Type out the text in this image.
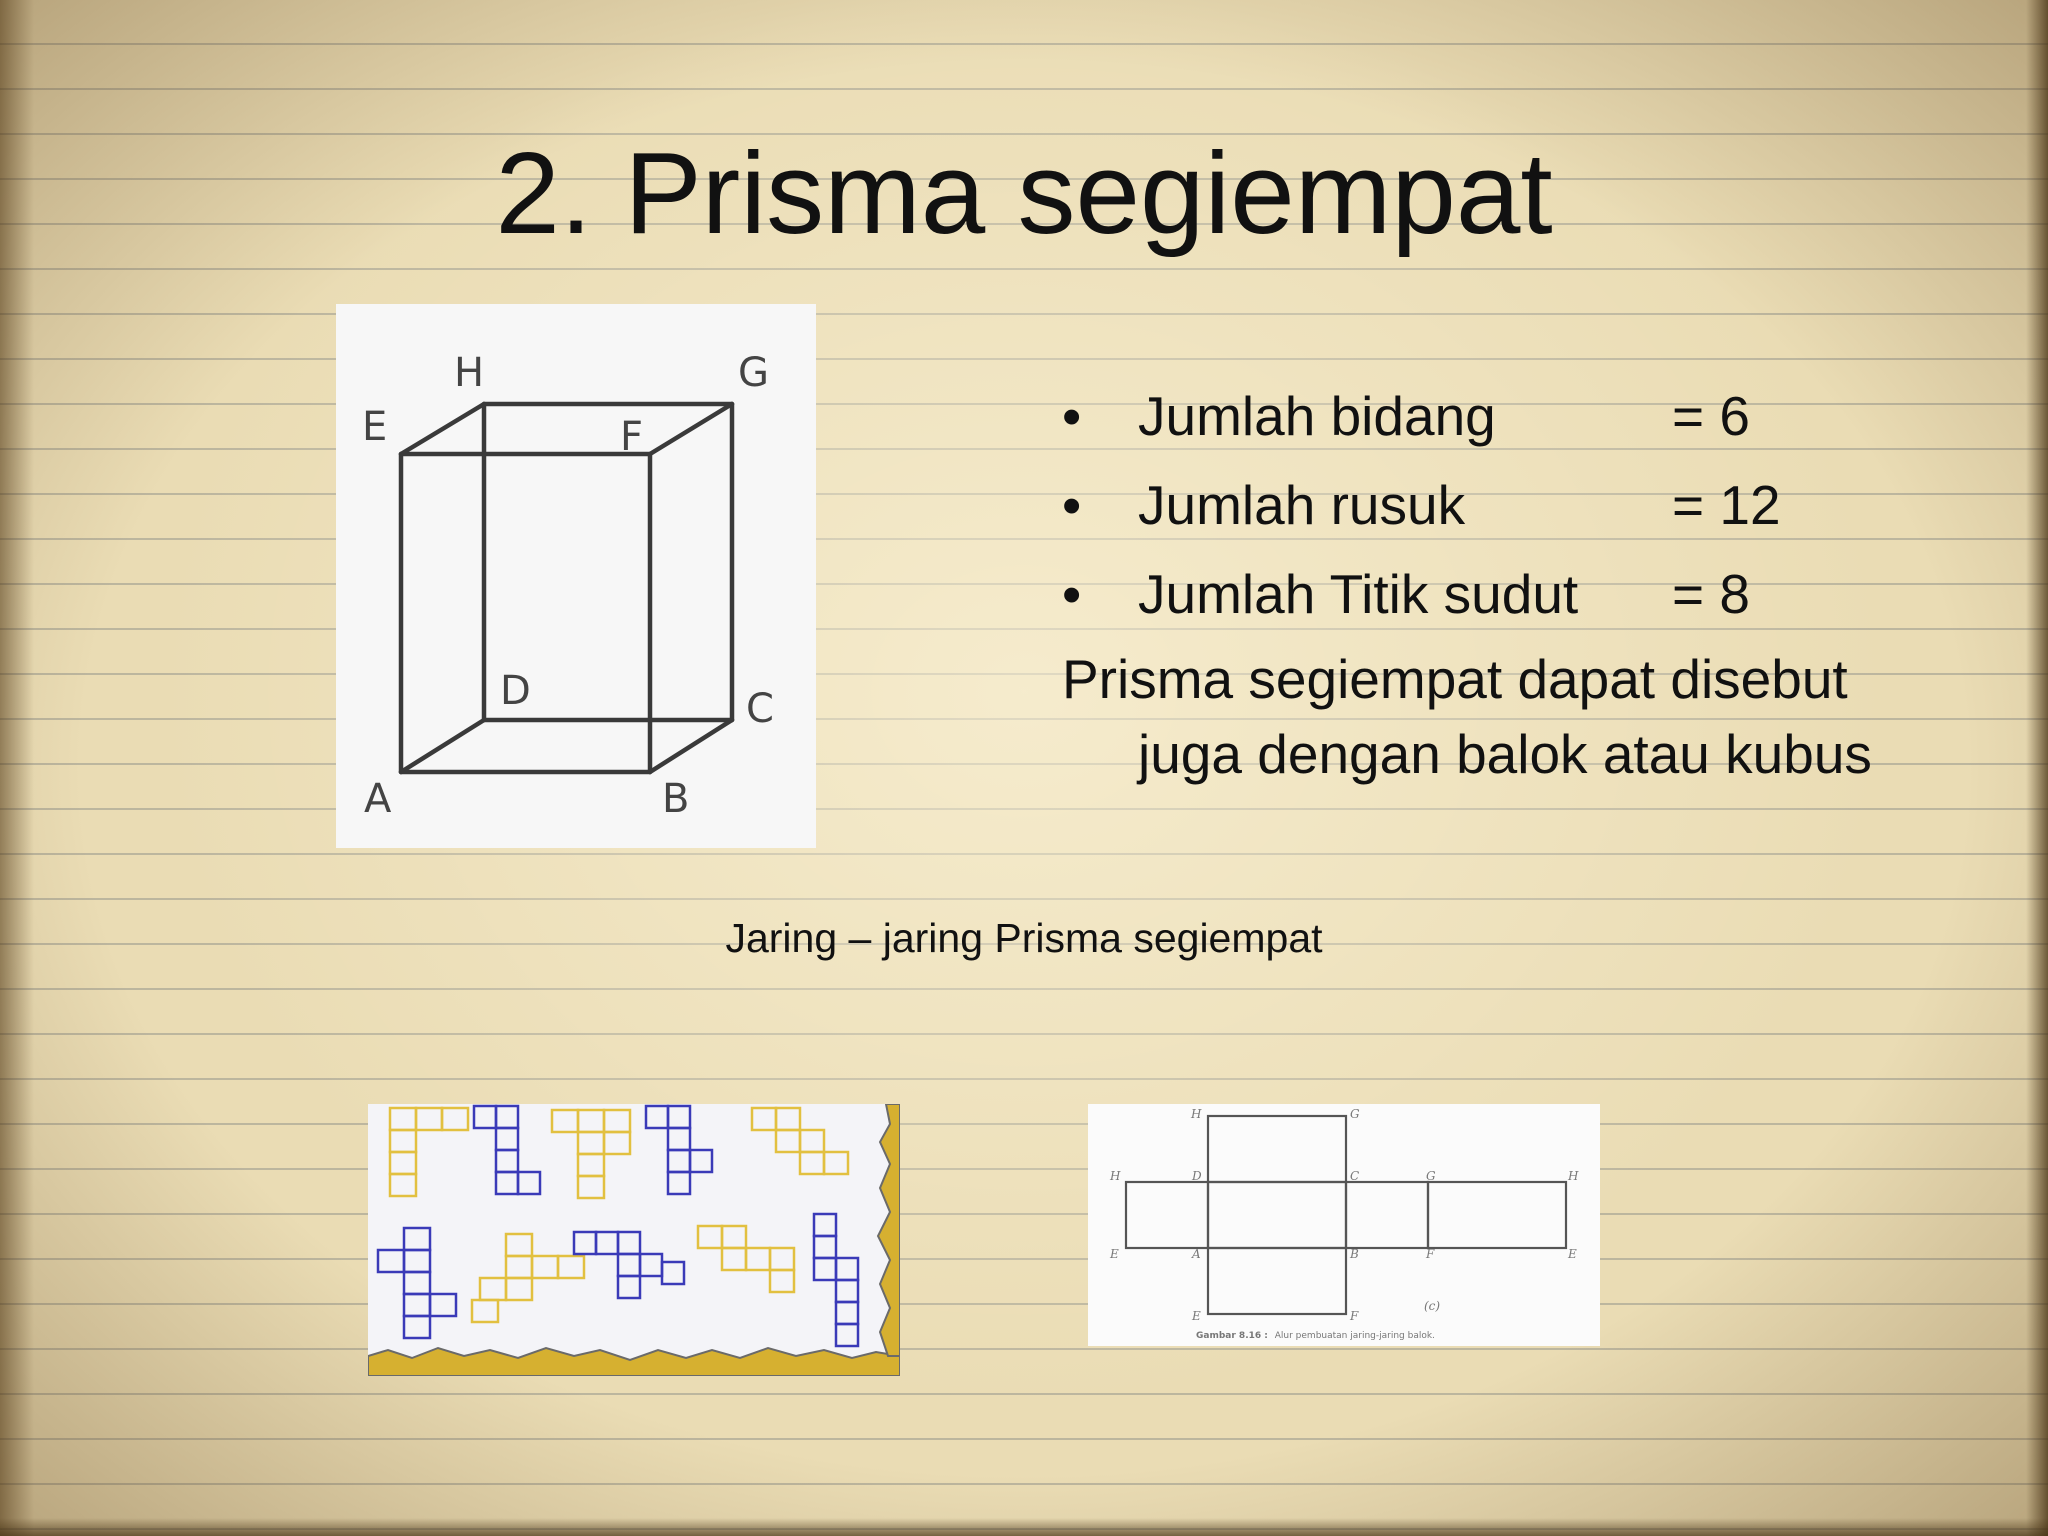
2. Prisma segiempat
H	G
E	F
D	C
A	B
• Jumlah bidang	= 6
• Jumlah rusuk	= 12
• Jumlah Titik sudut = 8
Prisma segiempat dapat disebut
juga dengan balok atau kubus
Jaring – jaring Prisma segiempat
H	G
H	D	C	G	H
E	A	B	F	E
E	F
(c)
Gambar 8.16 : Alur pembuatan jaring-jaring balok.
